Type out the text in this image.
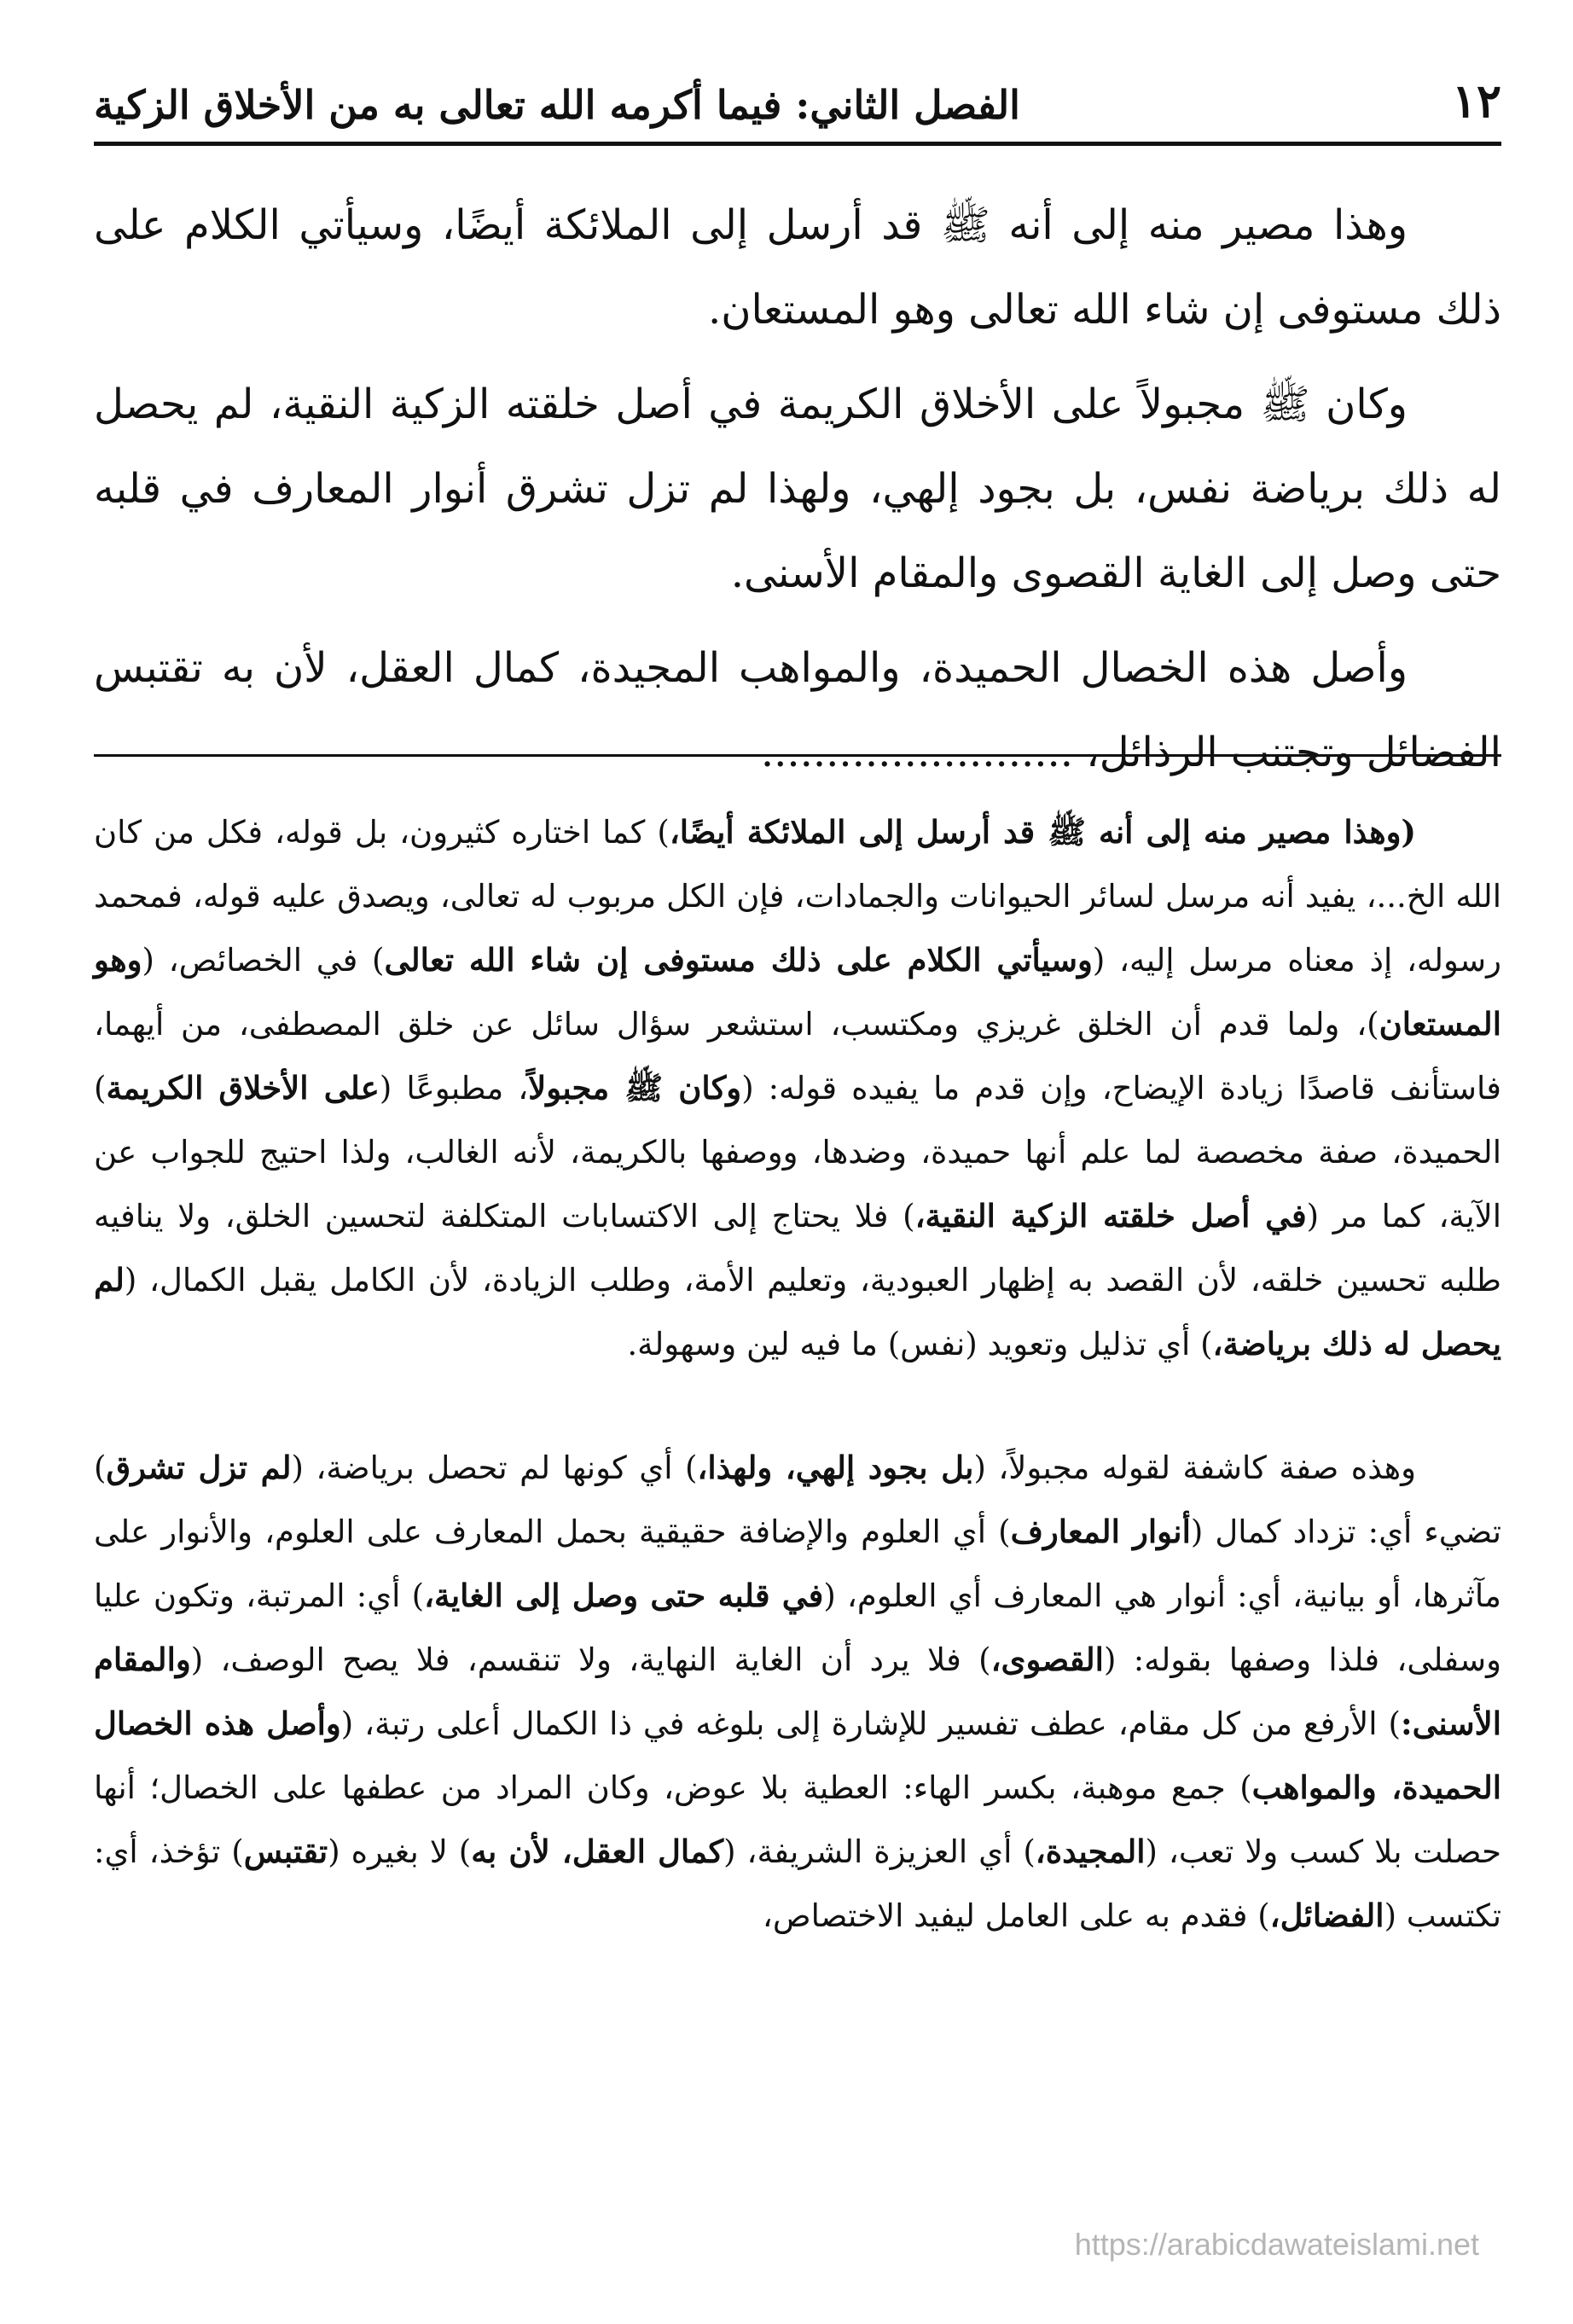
١٢
الفصل الثاني: فيما أكرمه الله تعالى به من الأخلاق الزكية

وهذا مصير منه إلى أنه ﷺ قد أرسل إلى الملائكة أيضًا، وسيأتي الكلام على ذلك مستوفى إن شاء الله تعالى وهو المستعان.

وكان ﷺ مجبولاً على الأخلاق الكريمة في أصل خلقته الزكية النقية، لم يحصل له ذلك برياضة نفس، بل بجود إلهي، ولهذا لم تزل تشرق أنوار المعارف في قلبه حتى وصل إلى الغاية القصوى والمقام الأسنى.

وأصل هذه الخصال الحميدة، والمواهب المجيدة، كمال العقل، لأن به تقتبس الفضائل وتجتنب الرذائل، ........................

(وهذا مصير منه إلى أنه ﷺ قد أرسل إلى الملائكة أيضًا،) كما اختاره كثيرون، بل قوله، فكل من كان الله الخ...، يفيد أنه مرسل لسائر الحيوانات والجمادات، فإن الكل مربوب له تعالى، ويصدق عليه قوله، فمحمد رسوله، إذ معناه مرسل إليه، (وسيأتي الكلام على ذلك مستوفى إن شاء الله تعالى) في الخصائص، (وهو المستعان)، ولما قدم أن الخلق غريزي ومكتسب، استشعر سؤال سائل عن خلق المصطفى، من أيهما، فاستأنف قاصدًا زيادة الإيضاح، وإن قدم ما يفيده قوله: (وكان ﷺ مجبولاً، مطبوعًا (على الأخلاق الكريمة) الحميدة، صفة مخصصة لما علم أنها حميدة، وضدها، ووصفها بالكريمة، لأنه الغالب، ولذا احتيج للجواب عن الآية، كما مر (في أصل خلقته الزكية النقية،) فلا يحتاج إلى الاكتسابات المتكلفة لتحسين الخلق، ولا ينافيه طلبه تحسين خلقه، لأن القصد به إظهار العبودية، وتعليم الأمة، وطلب الزيادة، لأن الكامل يقبل الكمال، (لم يحصل له ذلك برياضة،) أي تذليل وتعويد (نفس) ما فيه لين وسهولة.

وهذه صفة كاشفة لقوله مجبولاً، (بل بجود إلهي، ولهذا،) أي كونها لم تحصل برياضة، (لم تزل تشرق) تضيء أي: تزداد كمال (أنوار المعارف) أي العلوم والإضافة حقيقية بحمل المعارف على العلوم، والأنوار على مآثرها، أو بيانية، أي: أنوار هي المعارف أي العلوم، (في قلبه حتى وصل إلى الغاية،) أي: المرتبة، وتكون عليا وسفلى، فلذا وصفها بقوله: (القصوى،) فلا يرد أن الغاية النهاية، ولا تنقسم، فلا يصح الوصف، (والمقام الأسنى:) الأرفع من كل مقام، عطف تفسير للإشارة إلى بلوغه في ذا الكمال أعلى رتبة، (وأصل هذه الخصال الحميدة، والمواهب) جمع موهبة، بكسر الهاء: العطية بلا عوض، وكان المراد من عطفها على الخصال؛ أنها حصلت بلا كسب ولا تعب، (المجيدة،) أي العزيزة الشريفة، (كمال العقل، لأن به) لا بغيره (تقتبس) تؤخذ، أي: تكتسب (الفضائل،) فقدم به على العامل ليفيد الاختصاص،

https://arabicdawateislami.net
